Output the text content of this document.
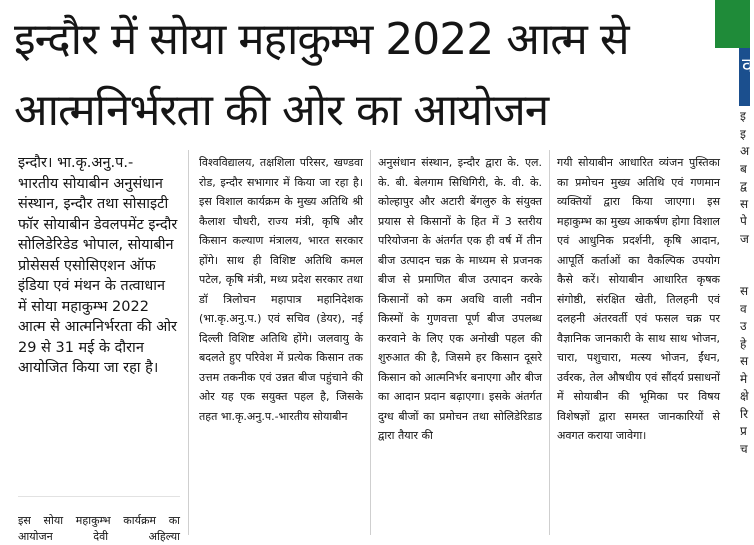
इन्दौर में सोया महाकुम्भ 2022 आत्म से
आत्मनिर्भरता की ओर का आयोजन
व
इन्दौर। भा.कृ.अनु.प.- भारतीय सोयाबीन अनुसंधान संस्थान, इन्दौर तथा सोसाइटी फॉर सोयाबीन डेवलपमेंट इन्दौर सोलिडेरिडेड भोपाल, सोयाबीन प्रोसेसर्स एसोसिएशन ऑफ इंडिया एवं मंथन के तत्वाधान में सोया महाकुम्भ 2022 आत्म से आत्मनिर्भरता की ओर 29 से 31 मई के दौरान आयोजित किया जा रहा है।
इस सोया महाकुम्भ कार्यक्रम का आयोजन देवी अहिल्या
विश्वविद्यालय, तक्षशिला परिसर, खण्डवा रोड, इन्दौर सभागार में किया जा रहा है। इस विशाल कार्यक्रम के मुख्य अतिथि श्री कैलाश चौधरी, राज्य मंत्री, कृषि और किसान कल्याण मंत्रालय, भारत सरकार होंगे। साथ ही विशिष्ट अतिथि कमल पटेल, कृषि मंत्री, मध्य प्रदेश सरकार तथा डॉ त्रिलोचन महापात्र महानिदेशक (भा.कृ.अनु.प.) एवं सचिव (डेयर), नई दिल्ली विशिष्ट अतिथि होंगे। जलवायु के बदलते हुए परिवेश में प्रत्येक किसान तक उत्तम तकनीक एवं उन्नत बीज पहुंचाने की ओर यह एक सयुक्त पहल है, जिसके तहत भा.कृ.अनु.प.-भारतीय सोयाबीन
अनुसंधान संस्थान, इन्दौर द्वारा के. एल. के. बी. बेलगाम सिधिगिरी, के. वी. के. कोल्हापुर और अटारी बेंगलुरु के संयुक्त प्रयास से किसानों के हित में 3 स्तरीय परियोजना के अंतर्गत एक ही वर्ष में तीन बीज उत्पादन चक्र के माध्यम से प्रजनक बीज से प्रमाणित बीज उत्पादन करके किसानों को कम अवधि वाली नवीन किस्मों के गुणवत्ता पूर्ण बीज उपलब्ध करवाने के लिए एक अनोखी पहल की शुरुआत की है, जिसमे हर किसान दूसरे किसान को आत्मनिर्भर बनाएगा और बीज का आदान प्रदान बढ़ाएगा। इसके अंतर्गत दुग्ध बीजों का प्रमोचन तथा सोलिडेरिडाड द्वारा तैयार की
गयी सोयाबीन आधारित व्यंजन पुस्तिका का प्रमोचन मुख्य अतिथि एवं गणमान व्यक्तियों द्वारा किया जाएगा। इस महाकुम्भ का मुख्य आकर्षण होगा विशाल एवं आधुनिक प्रदर्शनी, कृषि आदान, आपूर्ति कर्ताओं का वैकल्पिक उपयोग कैसे करें। सोयाबीन आधारित कृषक संगोष्ठी, संरक्षित खेती, तिलहनी एवं दलहनी अंतरवर्ती एवं फसल चक्र पर वैज्ञानिक जानकारी के साथ साथ भोजन, चारा, पशुचारा, मत्स्य भोजन, ईंधन, उर्वरक, तेल औषधीय एवं सौंदर्य प्रसाधनों में सोयाबीन की भूमिका पर विषय विशेषज्ञों द्वारा समस्त जानकारियों से अवगत कराया जावेगा।
इ
इ
अ
ब
द्व
स
पे
ज
स
व
उ
हे
स
मे
क्षे
रि
प्र
च
